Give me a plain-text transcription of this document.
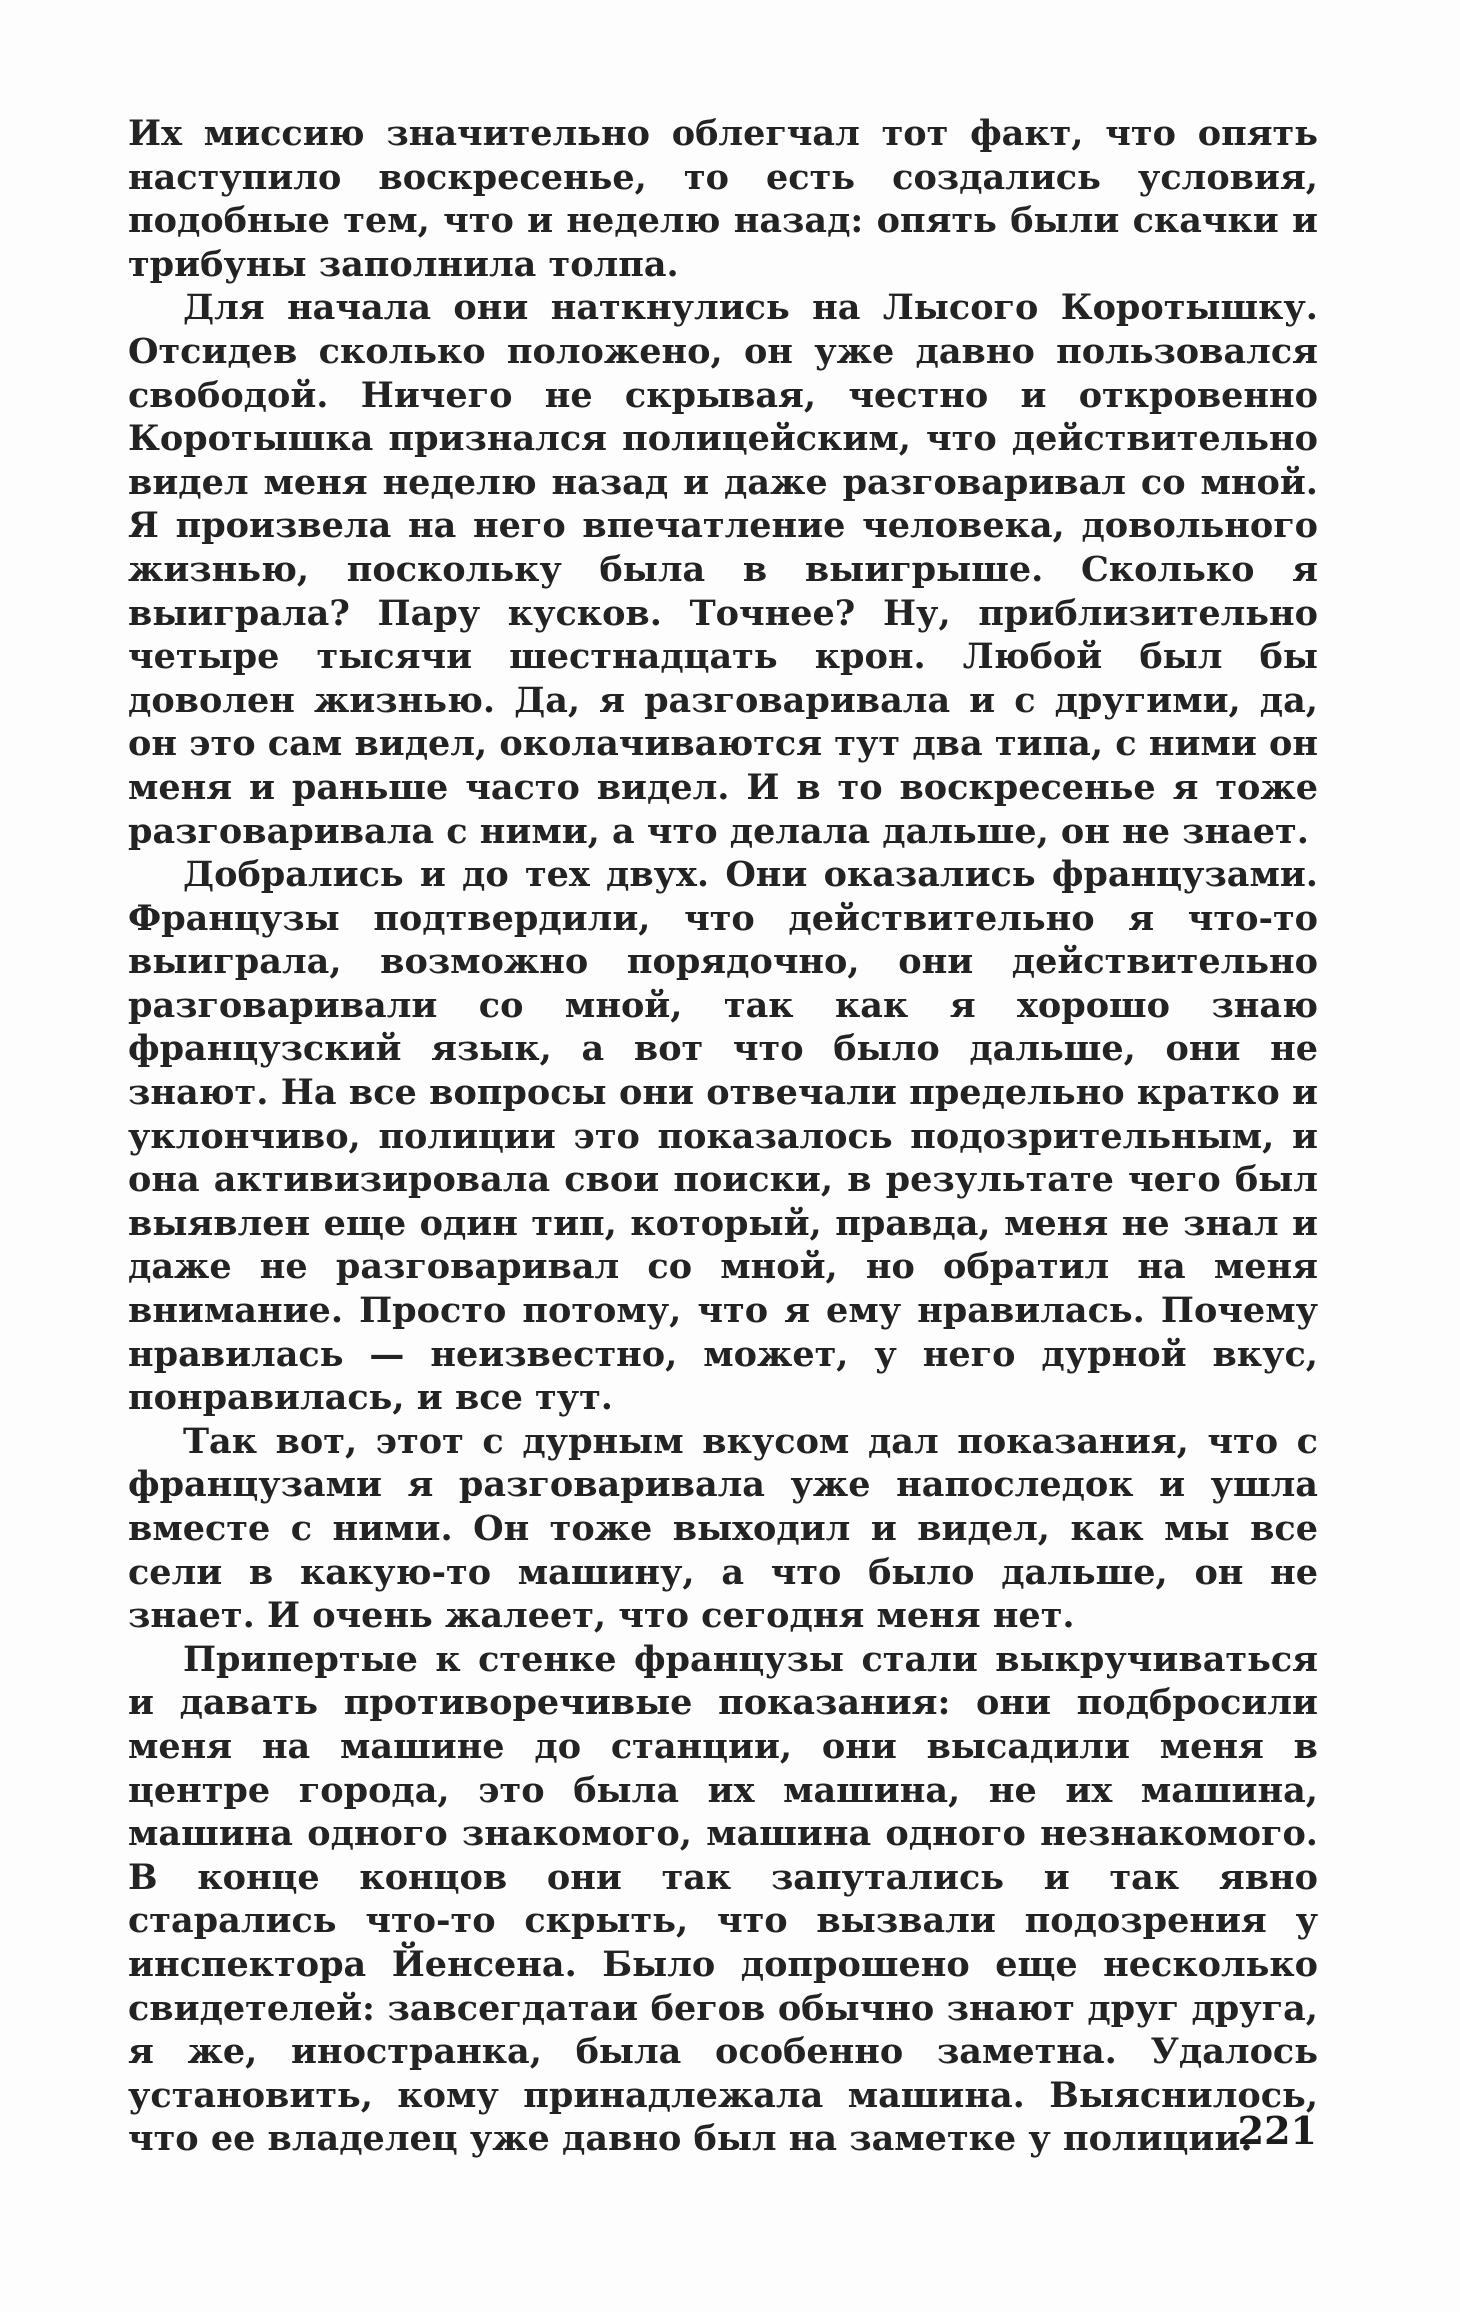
Их миссию значительно облегчал тот факт, что опять наступило воскресенье, то есть создались условия, подобные тем, что и неделю назад: опять были скачки и трибуны заполнила толпа.

Для начала они наткнулись на Лысого Коротышку. Отсидев сколько положено, он уже давно пользовался свободой. Ничего не скрывая, честно и откровенно Коротышка признался полицейским, что действительно видел меня неделю назад и даже разговаривал со мной. Я произвела на него впечатление человека, довольного жизнью, поскольку была в выигрыше. Сколько я выиграла? Пару кусков. Точнее? Ну, приблизительно четыре тысячи шестнадцать крон. Любой был бы доволен жизнью. Да, я разговаривала и с другими, да, он это сам видел, околачиваются тут два типа, с ними он меня и раньше часто видел. И в то воскресенье я тоже разговаривала с ними, а что делала дальше, он не знает.

Добрались и до тех двух. Они оказались французами. Французы подтвердили, что действительно я что-то выиграла, возможно порядочно, они действительно разговаривали со мной, так как я хорошо знаю французский язык, а вот что было дальше, они не знают. На все вопросы они отвечали предельно кратко и уклончиво, полиции это показалось подозрительным, и она активизировала свои поиски, в результате чего был выявлен еще один тип, который, правда, меня не знал и даже не разговаривал со мной, но обратил на меня внимание. Просто потому, что я ему нравилась. Почему нравилась — неизвестно, может, у него дурной вкус, понравилась, и все тут.

Так вот, этот с дурным вкусом дал показания, что с французами я разговаривала уже напоследок и ушла вместе с ними. Он тоже выходил и видел, как мы все сели в какую-то машину, а что было дальше, он не знает. И очень жалеет, что сегодня меня нет.

Припертые к стенке французы стали выкручиваться и давать противоречивые показания: они подбросили меня на машине до станции, они высадили меня в центре города, это была их машина, не их машина, машина одного знакомого, машина одного незнакомого. В конце концов они так запутались и так явно старались что-то скрыть, что вызвали подозрения у инспектора Йенсена. Было допрошено еще несколько свидетелей: завсегдатаи бегов обычно знают друг друга, я же, иностранка, была особенно заметна. Удалось установить, кому принадлежала машина. Выяснилось, что ее владелец уже давно был на заметке у полиции.

221
